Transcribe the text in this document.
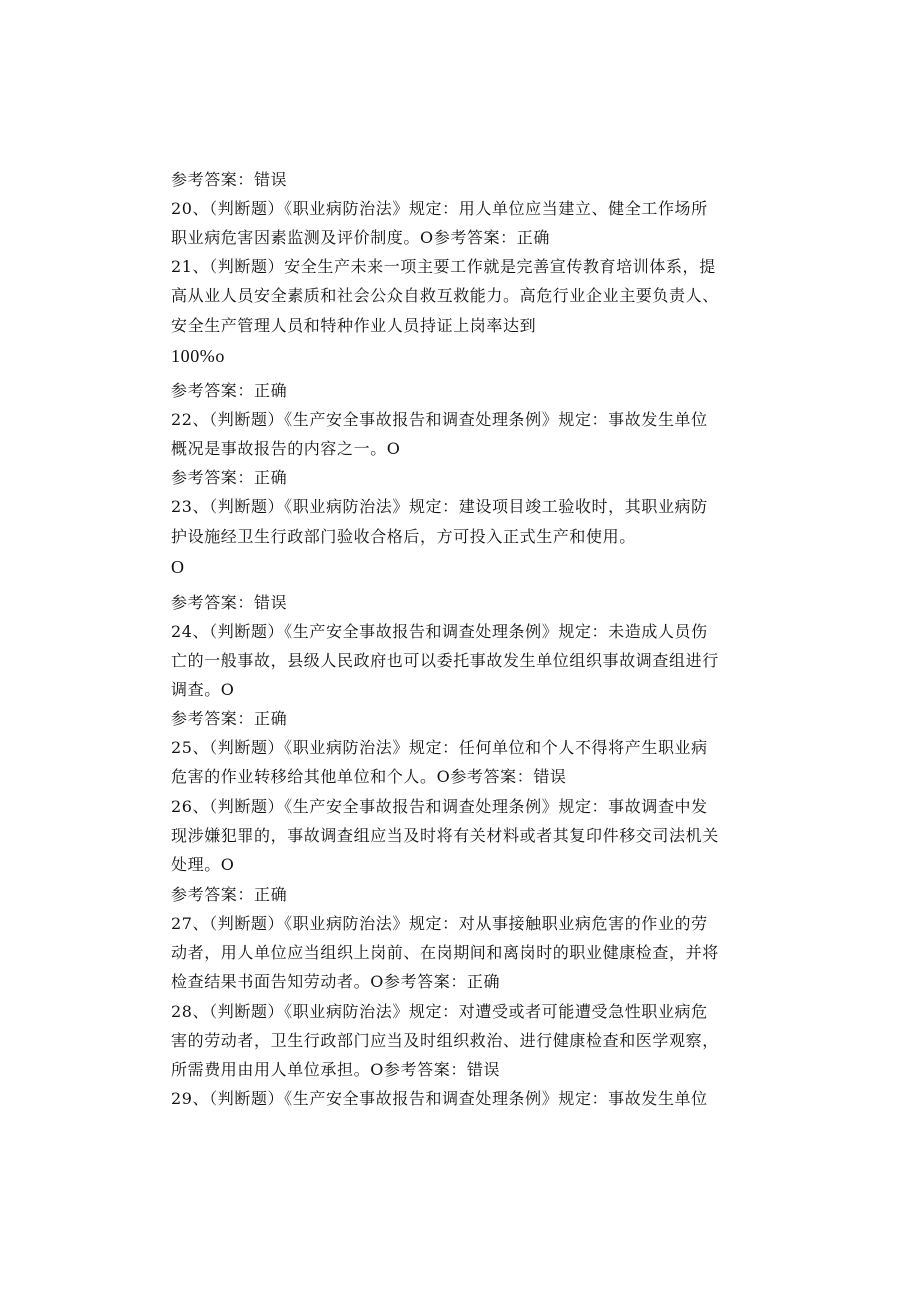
参考答案：错误
20、（判断题）《职业病防治法》规定：用人单位应当建立、健全工作场所
职业病危害因素监测及评价制度。O参考答案：正确
21、（判断题）安全生产未来一项主要工作就是完善宣传教育培训体系，提
高从业人员安全素质和社会公众自救互救能力。高危行业企业主要负责人、
安全生产管理人员和特种作业人员持证上岗率达到
100%o
参考答案：正确
22、（判断题）《生产安全事故报告和调查处理条例》规定：事故发生单位
概况是事故报告的内容之一。O
参考答案：正确
23、（判断题）《职业病防治法》规定：建设项目竣工验收时，其职业病防
护设施经卫生行政部门验收合格后，方可投入正式生产和使用。
O
参考答案：错误
24、（判断题）《生产安全事故报告和调查处理条例》规定：未造成人员伤
亡的一般事故，县级人民政府也可以委托事故发生单位组织事故调查组进行
调查。O
参考答案：正确
25、（判断题）《职业病防治法》规定：任何单位和个人不得将产生职业病
危害的作业转移给其他单位和个人。O参考答案：错误
26、（判断题）《生产安全事故报告和调查处理条例》规定：事故调查中发
现涉嫌犯罪的，事故调查组应当及时将有关材料或者其复印件移交司法机关
处理。O
参考答案：正确
27、（判断题）《职业病防治法》规定：对从事接触职业病危害的作业的劳
动者，用人单位应当组织上岗前、在岗期间和离岗时的职业健康检查，并将
检查结果书面告知劳动者。O参考答案：正确
28、（判断题）《职业病防治法》规定：对遭受或者可能遭受急性职业病危
害的劳动者，卫生行政部门应当及时组织救治、进行健康检查和医学观察，
所需费用由用人单位承担。O参考答案：错误
29、（判断题）《生产安全事故报告和调查处理条例》规定：事故发生单位
